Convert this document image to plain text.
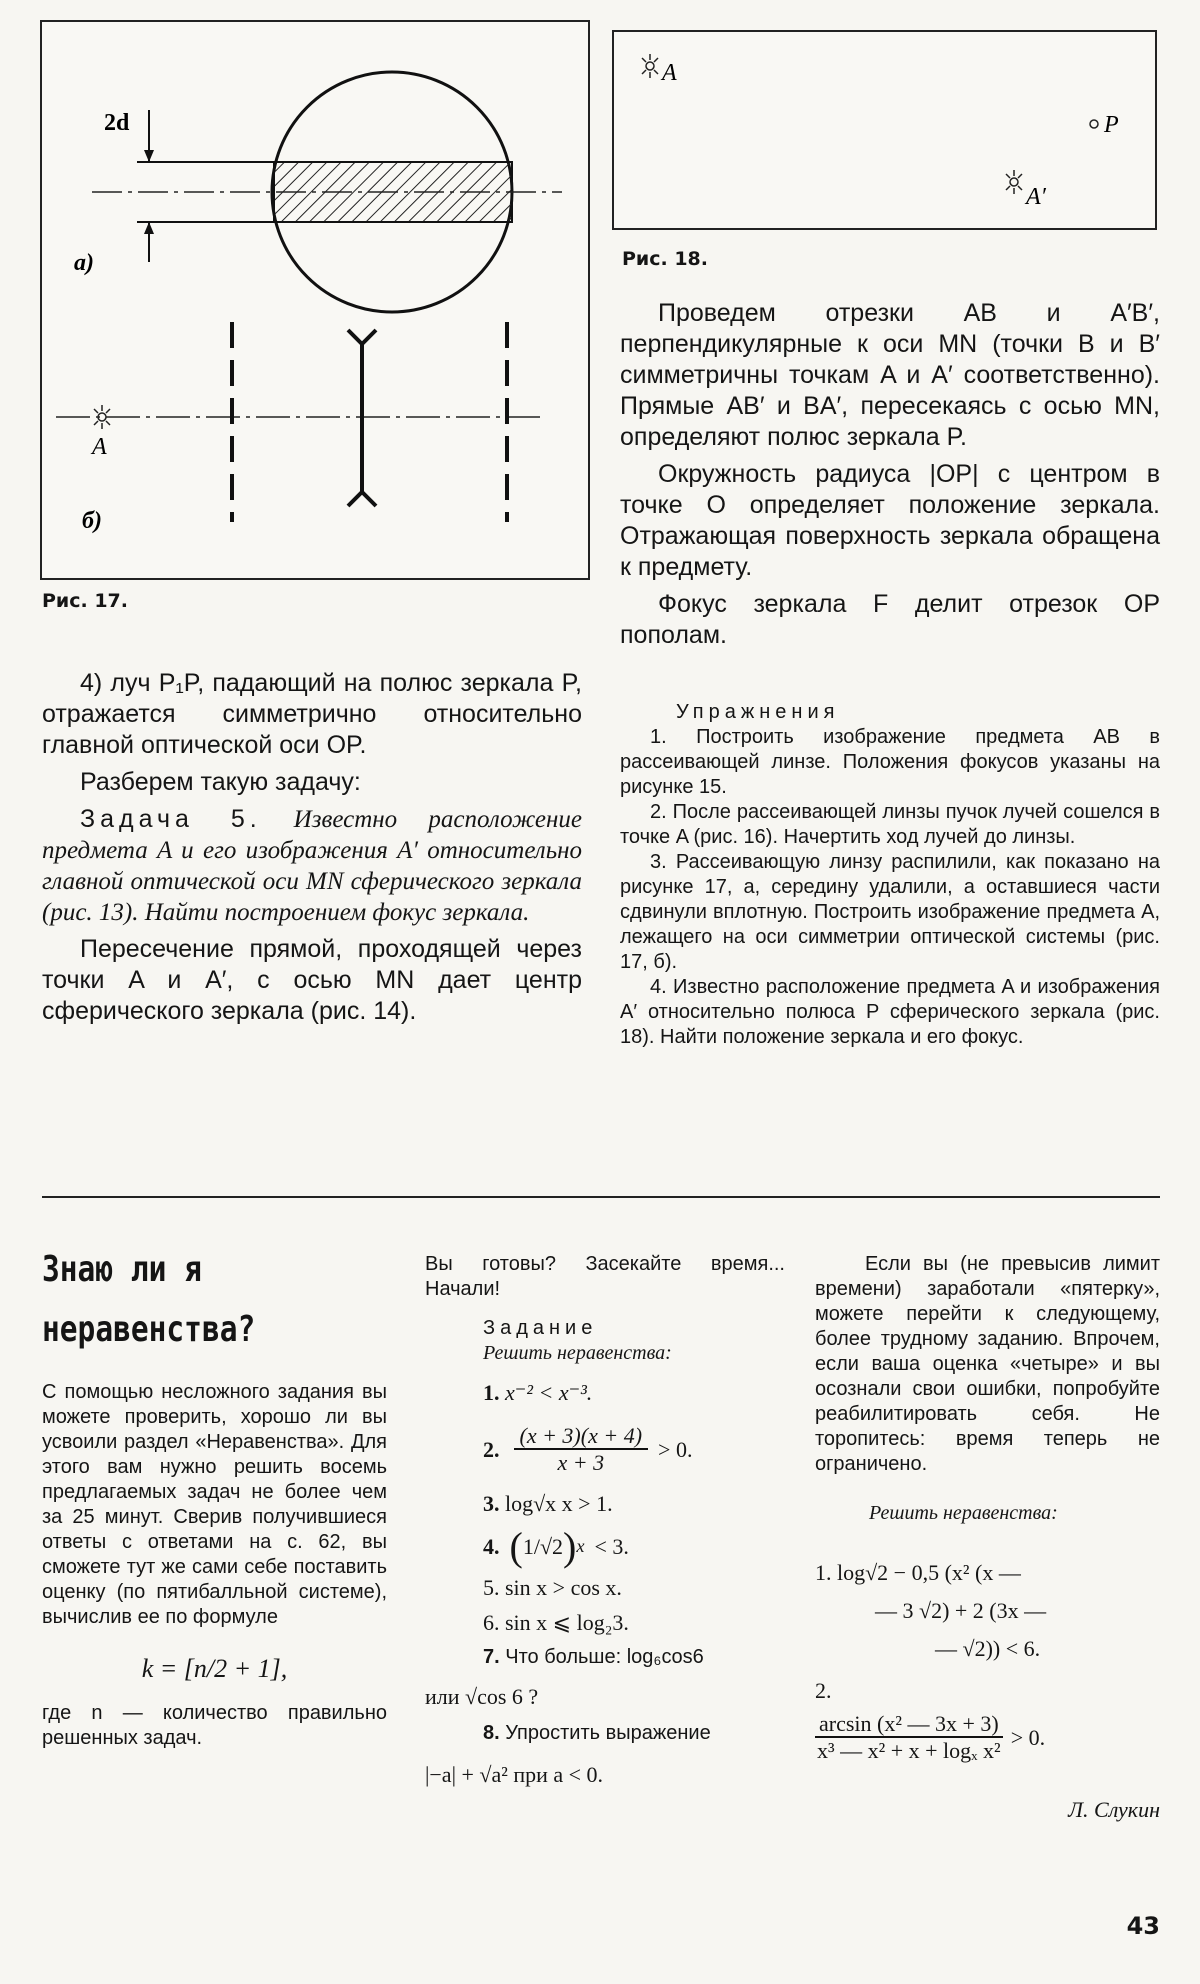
2d
а)
A
б)
Рис. 17.
A
P
A′
Рис. 18.

Проведем отрезки AB и A′B′, перпендикулярные к оси MN (точки B и B′ симметричны точкам A и A′ соответственно). Прямые AB′ и BA′, пересекаясь с осью MN, определяют полюс зеркала P.

Окружность радиуса |OP| с центром в точке O определяет положение зеркала. Отражающая поверхность зеркала обращена к предмету.

Фокус зеркала F делит отрезок OP пополам.

Упражнения

1. Построить изображение предмета AB в рассеивающей линзе. Положения фокусов указаны на рисунке 15.

2. После рассеивающей линзы пучок лучей сошелся в точке A (рис. 16). Начертить ход лучей до линзы.

3. Рассеивающую линзу распилили, как показано на рисунке 17, а, середину удалили, а оставшиеся части сдвинули вплотную. Построить изображение предмета A, лежащего на оси симметрии оптической системы (рис. 17, б).

4. Известно расположение предмета A и изображения A′ относительно полюса P сферического зеркала (рис. 18). Найти положение зеркала и его фокус.

4) луч P₁P, падающий на полюс зеркала P, отражается симметрично относительно главной оптической оси OP.

Разберем такую задачу:

Задача 5. Известно расположение предмета A и его изображения A′ относительно главной оптической оси MN сферического зеркала (рис. 13). Найти построением фокус зеркала.

Пересечение прямой, проходящей через точки A и A′, с осью MN дает центр сферического зеркала (рис. 14).

Знаю ли я
неравенства?
С помощью несложного задания вы можете проверить, хорошо ли вы усвоили раздел «Неравенства». Для этого вам нужно решить восемь предлагаемых задач не более чем за 25 минут. Сверив получившиеся ответы с ответами на с. 62, вы сможете тут же сами себе поставить оценку (по пятибалльной системе), вычислив ее по формуле
k = [n/2 + 1],
где n — количество правильно решенных задач.
Вы готовы? Засекайте время... Начали!
Задание
Решить неравенства:
1. x⁻² < x⁻³.
2.
(x + 3)(x + 4)
x + 3
> 0.
3. log√x x > 1.
4. ( 1/√2 ) x < 3.
5. sin x > cos x.
6. sin x ⩽ log₂3.
7. Что больше: log₆cos6
или √cos 6 ?
8. Упростить выражение
|−a| + √a² при a < 0.
Если вы (не превысив лимит времени) заработали «пятерку», можете перейти к следующему, более трудному заданию. Впрочем, если ваша оценка «четыре» и вы осознали свои ошибки, попробуйте реабилитировать себя. Не торопитесь: время теперь не ограничено.
Решить неравенства:
1. log√2 − 0,5 (x² (x —
— 3 √2) + 2 (3x —
— √2)) < 6.
2.
arcsin (x² — 3x + 3)
x³ — x² + x + logₓ x²
> 0.
Л. Слукин
43
